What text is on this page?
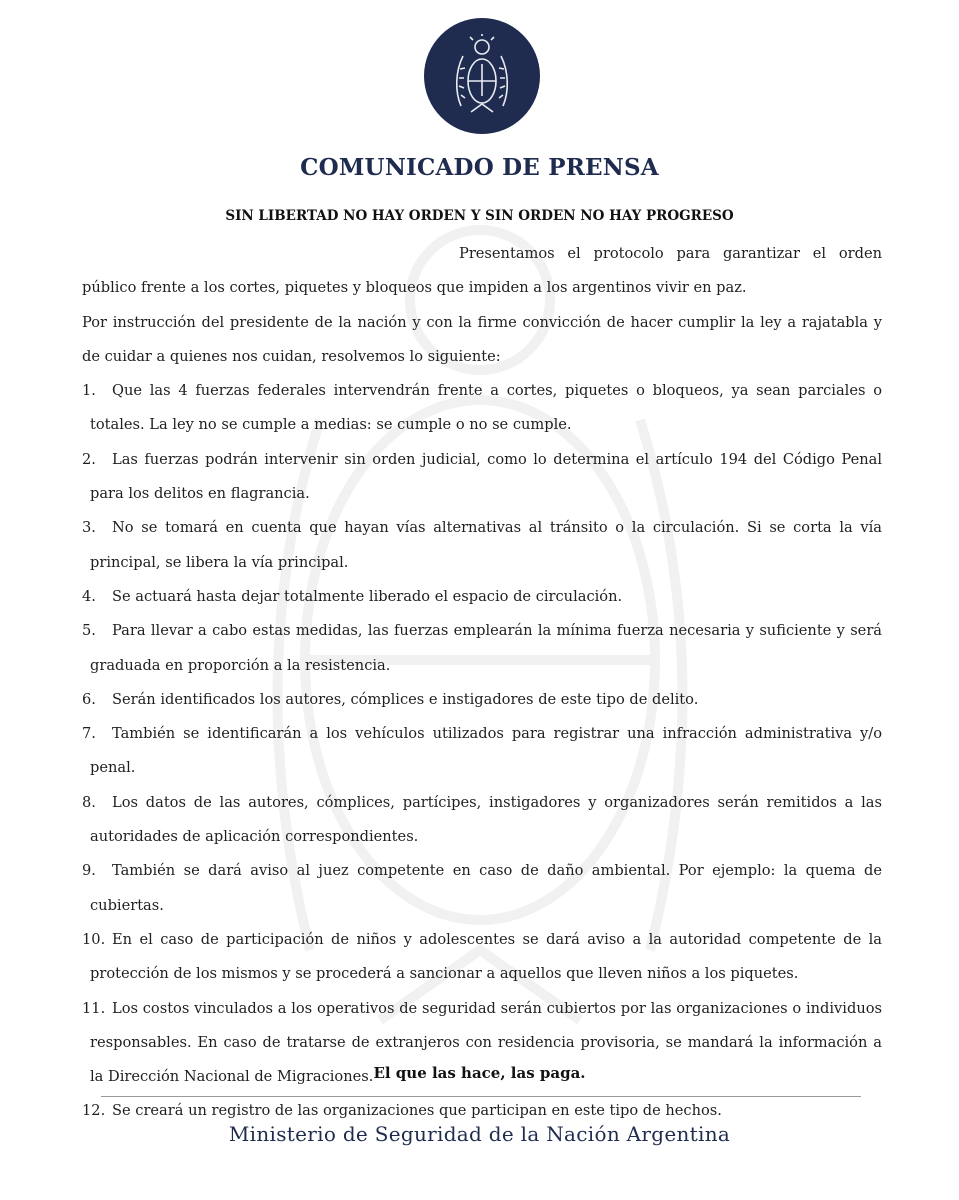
COMUNICADO DE PRENSA
SIN LIBERTAD NO HAY ORDEN Y SIN ORDEN NO HAY PROGRESO

Presentamos el protocolo para garantizar el orden público frente a los cortes, piquetes y bloqueos que impiden a los argentinos vivir en paz.

Por instrucción del presidente de la nación y con la firme convicción de hacer cumplir la ley a rajatabla y de cuidar a quienes nos cuidan, resolvemos lo siguiente:

1. Que las 4 fuerzas federales intervendrán frente a cortes, piquetes o bloqueos, ya sean parciales o totales. La ley no se cumple a medias: se cumple o no se cumple.
2. Las fuerzas podrán intervenir sin orden judicial, como lo determina el artículo 194 del Código Penal para los delitos en flagrancia.
3. No se tomará en cuenta que hayan vías alternativas al tránsito o la circulación. Si se corta la vía principal, se libera la vía principal.
4. Se actuará hasta dejar totalmente liberado el espacio de circulación.
5. Para llevar a cabo estas medidas, las fuerzas emplearán la mínima fuerza necesaria y suficiente y será graduada en proporción a la resistencia.
6. Serán identificados los autores, cómplices e instigadores de este tipo de delito.
7. También se identificarán a los vehículos utilizados para registrar una infracción administrativa y/o penal.
8. Los datos de las autores, cómplices, partícipes, instigadores y organizadores serán remitidos a las autoridades de aplicación correspondientes.
9. También se dará aviso al juez competente en caso de daño ambiental. Por ejemplo: la quema de cubiertas.
10. En el caso de participación de niños y adolescentes se dará aviso a la autoridad competente de la protección de los mismos y se procederá a sancionar a aquellos que lleven niños a los piquetes.
11. Los costos vinculados a los operativos de seguridad serán cubiertos por las organizaciones o individuos responsables. En caso de tratarse de extranjeros con residencia provisoria, se mandará la información a la Dirección Nacional de Migraciones.
12. Se creará un registro de las organizaciones que participan en este tipo de hechos.
El que las hace, las paga.
Ministerio de Seguridad de la Nación Argentina
